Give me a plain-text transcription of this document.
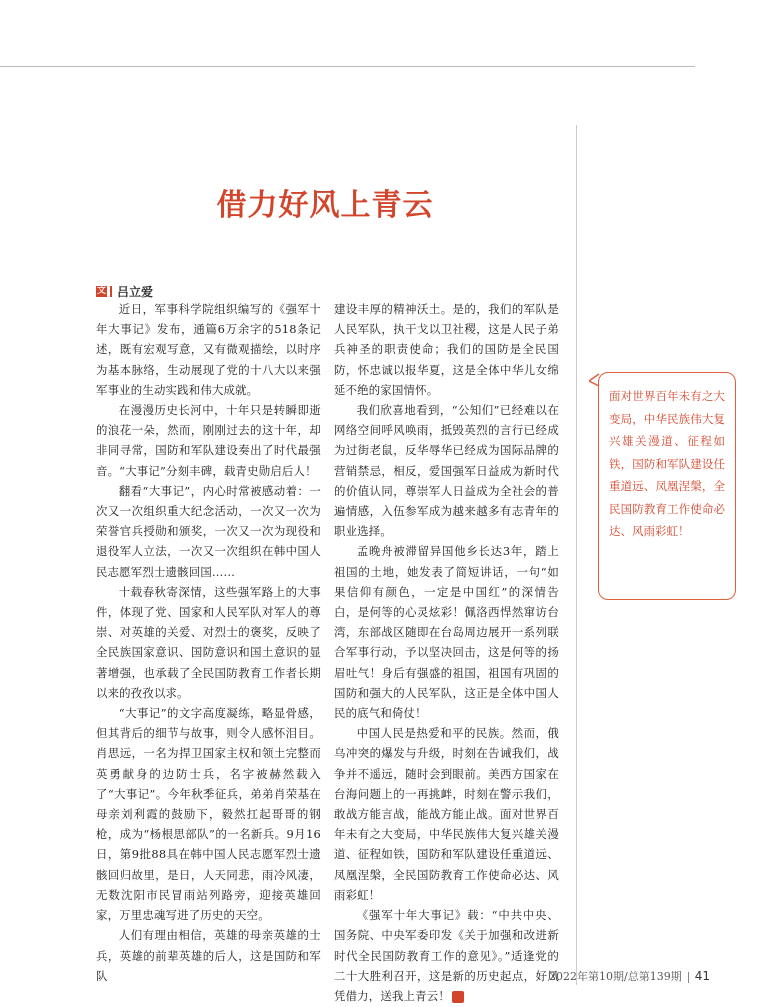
借力好风上青云
文 吕立爱

近日，军事科学院组织编写的《强军十年大事记》发布，通篇6万余字的518条记述，既有宏观写意，又有微观描绘，以时序为基本脉络，生动展现了党的十八大以来强军事业的生动实践和伟大成就。

在漫漫历史长河中，十年只是转瞬即逝的浪花一朵，然而，刚刚过去的这十年，却非同寻常，国防和军队建设奏出了时代最强音。“大事记”分刻丰碑，载青史勋启后人！

翻看“大事记”，内心时常被感动着：一次又一次组织重大纪念活动，一次又一次为荣誉官兵授勋和颁奖，一次又一次为现役和退役军人立法，一次又一次组织在韩中国人民志愿军烈士遗骸回国……

十载春秋寄深情，这些强军路上的大事件，体现了党、国家和人民军队对军人的尊崇、对英雄的关爱、对烈士的褒奖，反映了全民族国家意识、国防意识和国土意识的显著增强，也承载了全民国防教育工作者长期以来的孜孜以求。

“大事记”的文字高度凝练，略显骨感，但其背后的细节与故事，则令人感怀泪目。肖思远，一名为捍卫国家主权和领土完整而英勇献身的边防士兵，名字被赫然载入了“大事记”。今年秋季征兵，弟弟肖荣基在母亲刘利霞的鼓励下，毅然扛起哥哥的钢枪，成为“杨根思部队”的一名新兵。9月16日，第9批88具在韩中国人民志愿军烈士遗骸回归故里，是日，人天同悲，雨冷风凄，无数沈阳市民冒雨站列路旁，迎接英雄回家，万里忠魂写进了历史的天空。

人们有理由相信，英雄的母亲英雄的士兵，英雄的前辈英雄的后人，这是国防和军队

建设丰厚的精神沃土。是的，我们的军队是人民军队，执干戈以卫社稷，这是人民子弟兵神圣的职责使命；我们的国防是全民国防，怀忠诚以报华夏，这是全体中华儿女绵延不绝的家国情怀。

我们欣喜地看到，“公知们”已经难以在网络空间呼风唤雨，抵毁英烈的言行已经成为过街老鼠，反华辱华已经成为国际品牌的营销禁忌，相反，爱国强军日益成为新时代的价值认同，尊崇军人日益成为全社会的普遍情感，入伍参军成为越来越多有志青年的职业选择。

孟晚舟被滞留异国他乡长达3年，踏上祖国的土地，她发表了简短讲话，一句“如果信仰有颜色，一定是中国红”的深情告白，是何等的心灵炫彩！佩洛西悍然窜访台湾，东部战区随即在台岛周边展开一系列联合军事行动，予以坚决回击，这是何等的扬眉吐气！身后有强盛的祖国，祖国有巩固的国防和强大的人民军队，这正是全体中国人民的底气和倚仗！

中国人民是热爱和平的民族。然而，俄乌冲突的爆发与升级，时刻在告诫我们，战争并不遥远，随时会到眼前。美西方国家在台海问题上的一再挑衅，时刻在警示我们，敢战方能言战，能战方能止战。面对世界百年未有之大变局，中华民族伟大复兴雄关漫道、征程如铁，国防和军队建设任重道远、凤凰涅槃，全民国防教育工作使命必达、风雨彩虹！

《强军十年大事记》载：“中共中央、国务院、中央军委印发《关于加强和改进新时代全民国防教育工作的意见》。”适逢党的二十大胜利召开，这是新的历史起点，好风凭借力，送我上青云！	G

面对世界百年未有之大变局，中华民族伟大复兴雄关漫道、征程如铁，国防和军队建设任重道远、凤凰涅槃，全民国防教育工作使命必达、风雨彩虹！
2022年第10期/总第139期 41
